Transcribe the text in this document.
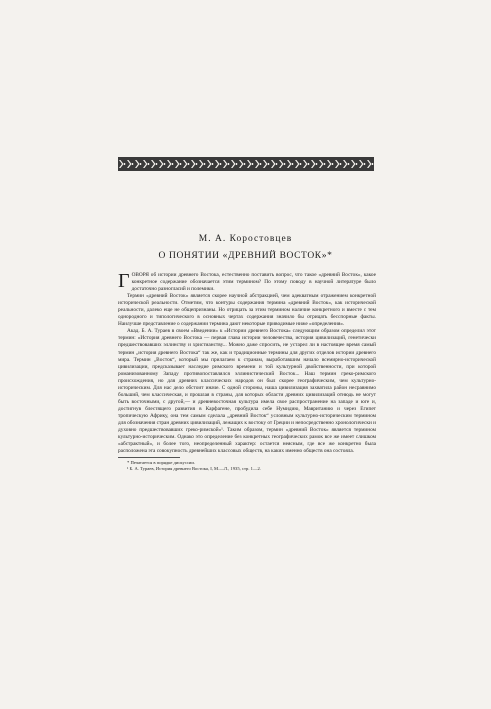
М. А. Коростовцев
О ПОНЯТИИ «ДРЕВНИЙ ВОСТОК»*

ГОВОРЯ об истории древнего Востока, естественно поставить вопрос, что такое «древний Восток», какое конкретное содержание обозначается этим термином? По этому поводу в научной литературе было достаточно разногласий и полемики.

Термин «древний Восток» является скорее научной абстракцией, чем адекватным отражением конкретной исторической реальности. Отметим, что контуры содержания термина «древний Восток», как исторической реальности, далеко еще не общепризнаны. Но отрицать за этим термином наличие конкретного и вместе с тем однородного и типологического в основных чертах содержания значило бы отрицать бесспорные факты. Наилучше представление о содержании термина дают некоторые приводимые ниже «определения».

Акад. Б. А. Тураев в своем «Введении» к «Истории древнего Востока» следующим образом определил этот термин: «История древнего Востока — первая глава истории человечества, история цивилизаций, генетически предшествовавших эллинству и христианству... Можно даже спросить, не устарел ли в настоящее время самый термин „история древнего Востока“ так же, как и традиционные термины для других отделов истории древнего мира. Термин „Восток“, который мы прилагаем к странам, выработавшим начало всемирно-исторической цивилизации, предсказывает наследие римского времени и той культурной двойственности, при которой романизованному Западу противопоставлялся эллинистический Восток... Наш термин греко-римского происхождения, но для древних классических народов он был скорее географическим, чем культурно-историческим. Для нас дело обстоит иначе. С одной стороны, наша цивилизация захватила район несравнимо больший, чем классическая, и прошлая в страны, для которых области древних цивилизаций отнюдь не могут быть восточными, с другой,— и древневосточная культура имела свое распространение на западе и юге и, достигнув блестящего развития в Карфагене, пробудила себе Нумидию, Мавританию и через Египет тропическую Африку, она тем самым сделала „древний Восток“ условным культурно-историческим термином для обозначения стран древних цивилизаций, лежащих к востоку от Греции и непосредственно хронологически и духовно предшествовавших греко-римской»¹. Таким образом, термин «древний Восток» является термином культурно-историческим. Однако это определение без конкретных географических рамок все же имеет слишком «абстрактный», и более того, неопределенный характер: остается неясным, где все же конкретно была расположена эта совокупность древнейших классовых обществ, на каких именно обществ она состояла.

* Печатается в порядке дискуссии.

¹ Б. А. Тураев, История древнего Востока, I, М.—Л., 1935, стр. 1—2.
